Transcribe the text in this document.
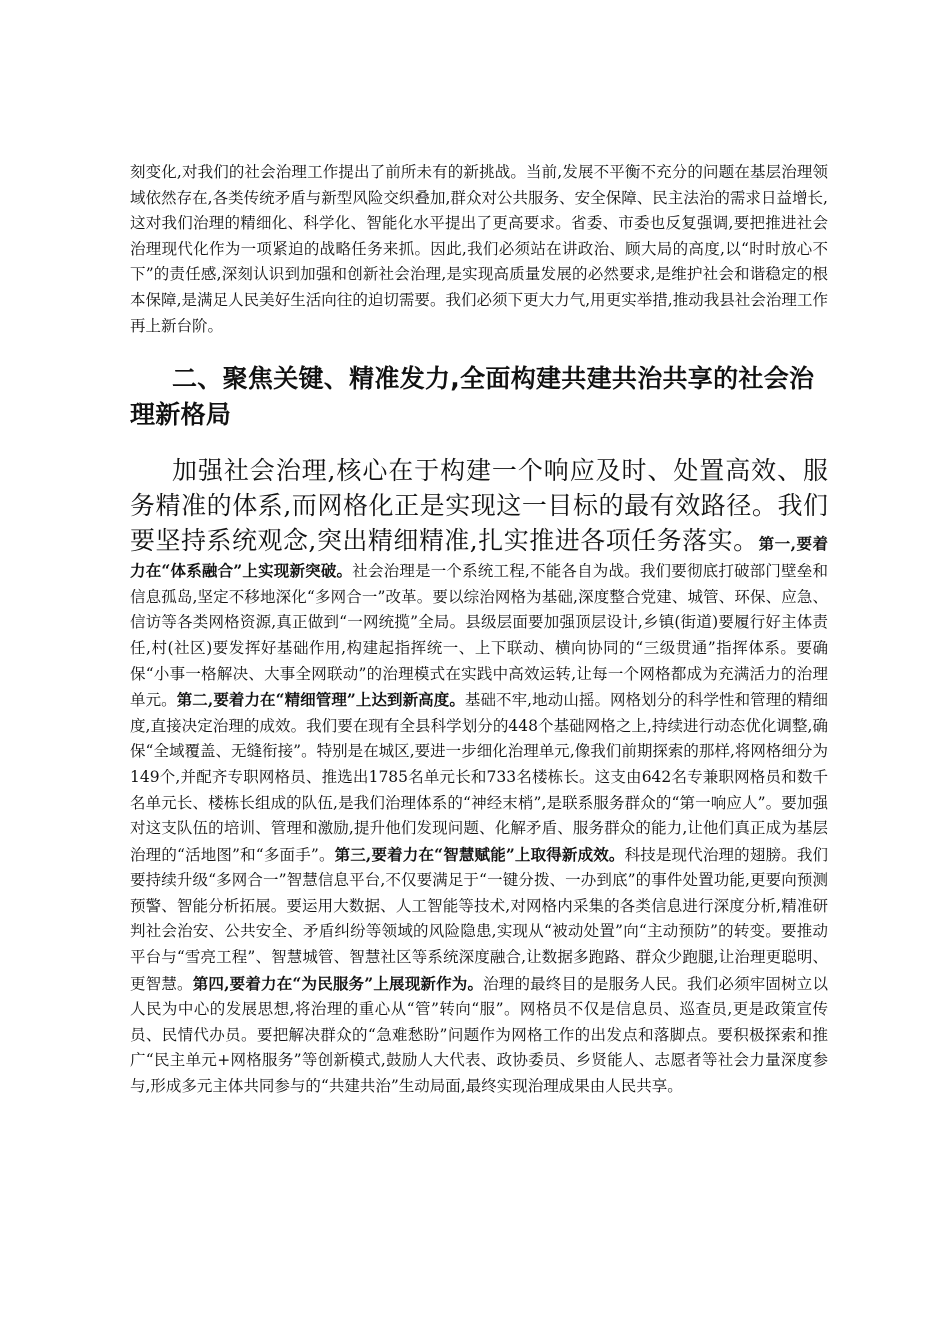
刻变化,对我们的社会治理工作提出了前所未有的新挑战。当前,发展不平衡不充分的问题在基层治理领域依然存在,各类传统矛盾与新型风险交织叠加,群众对公共服务、安全保障、民主法治的需求日益增长,这对我们治理的精细化、科学化、智能化水平提出了更高要求。省委、市委也反复强调,要把推进社会治理现代化作为一项紧迫的战略任务来抓。因此,我们必须站在讲政治、顾大局的高度,以“时时放心不下”的责任感,深刻认识到加强和创新社会治理,是实现高质量发展的必然要求,是维护社会和谐稳定的根本保障,是满足人民美好生活向往的迫切需要。我们必须下更大力气,用更实举措,推动我县社会治理工作再上新台阶。

二、聚焦关键、精准发力,全面构建共建共治共享的社会治理新格局

加强社会治理,核心在于构建一个响应及时、处置高效、服务精准的体系,而网格化正是实现这一目标的最有效路径。我们要坚持系统观念,突出精细精准,扎实推进各项任务落实。第一,要着力在“体系融合”上实现新突破。社会治理是一个系统工程,不能各自为战。我们要彻底打破部门壁垒和信息孤岛,坚定不移地深化“多网合一”改革。要以综治网格为基础,深度整合党建、城管、环保、应急、信访等各类网格资源,真正做到“一网统揽”全局。县级层面要加强顶层设计,乡镇(街道)要履行好主体责任,村(社区)要发挥好基础作用,构建起指挥统一、上下联动、横向协同的“三级贯通”指挥体系。要确保“小事一格解决、大事全网联动”的治理模式在实践中高效运转,让每一个网格都成为充满活力的治理单元。第二,要着力在“精细管理”上达到新高度。基础不牢,地动山摇。网格划分的科学性和管理的精细度,直接决定治理的成效。我们要在现有全县科学划分的448个基础网格之上,持续进行动态优化调整,确保“全域覆盖、无缝衔接”。特别是在城区,要进一步细化治理单元,像我们前期探索的那样,将网格细分为149个,并配齐专职网格员、推选出1785名单元长和733名楼栋长。这支由642名专兼职网格员和数千名单元长、楼栋长组成的队伍,是我们治理体系的“神经末梢”,是联系服务群众的“第一响应人”。要加强对这支队伍的培训、管理和激励,提升他们发现问题、化解矛盾、服务群众的能力,让他们真正成为基层治理的“活地图”和“多面手”。第三,要着力在“智慧赋能”上取得新成效。科技是现代治理的翅膀。我们要持续升级“多网合一”智慧信息平台,不仅要满足于“一键分拨、一办到底”的事件处置功能,更要向预测预警、智能分析拓展。要运用大数据、人工智能等技术,对网格内采集的各类信息进行深度分析,精准研判社会治安、公共安全、矛盾纠纷等领域的风险隐患,实现从“被动处置”向“主动预防”的转变。要推动平台与“雪亮工程”、智慧城管、智慧社区等系统深度融合,让数据多跑路、群众少跑腿,让治理更聪明、更智慧。第四,要着力在“为民服务”上展现新作为。治理的最终目的是服务人民。我们必须牢固树立以人民为中心的发展思想,将治理的重心从“管”转向“服”。网格员不仅是信息员、巡查员,更是政策宣传员、民情代办员。要把解决群众的“急难愁盼”问题作为网格工作的出发点和落脚点。要积极探索和推广“民主单元+网格服务”等创新模式,鼓励人大代表、政协委员、乡贤能人、志愿者等社会力量深度参与,形成多元主体共同参与的“共建共治”生动局面,最终实现治理成果由人民共享。
